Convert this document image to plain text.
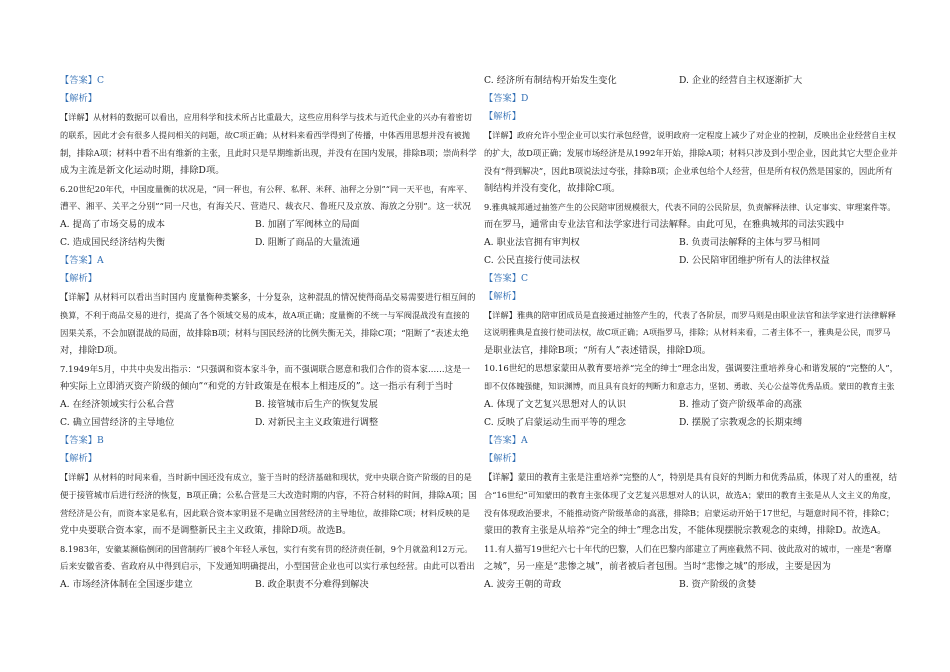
【答案】C
【解析】
【详解】从材料的数据可以看出，应用科学和技术所占比重最大，这些应用科学与技术与近代企业的兴办有着密切
的联系，因此才会有很多人提问相关的问题，故C项正确；从材料来看西学得到了传播，中体西用思想并没有被抛
制，排除A项；材料中看不出有维新的主张，且此时只是早期维新出现，并没有在国内发展，排除B项；崇尚科学
成为主流是新文化运动时期，排除D项。
6.20世纪20年代，中国度量衡的状况是，“同一秤也，有公秤、私秤、米秤、油秤之分别”“同一天平也，有库平、
漕平、湘平、关平之分别”“同一尺也，有海关尺、营造尺、裁衣尺、鲁班尺及京放、海放之分别”。这一状况
A. 提高了市场交易的成本	B. 加剧了军阀林立的局面
C. 造成国民经济结构失衡	D. 阻断了商品的大量流通
【答案】A
【解析】
【详解】从材料可以看出当时国内 度量衡种类繁多，十分复杂，这种混乱的情况使得商品交易需要进行相互间的
换算，不利于商品交易的进行，提高了各个领域交易的成本，故A项正确；度量衡的不统一与军阀混战没有直接的
因果关系，不会加剧混战的局面，故排除B项；材料与国民经济的比例失衡无关，排除C项；“阻断了”表述太绝
对，排除D项。
7.1949年5月，中共中央发出指示：“只强调和资本家斗争，而不强调联合愿意和我们合作的资本家……这是一
种实际上立即消灭资产阶级的倾向”“和党的方针政策是在根本上相违反的”。这一指示有利于当时
A. 在经济领域实行公私合营	B. 接管城市后生产的恢复发展
C. 确立国营经济的主导地位	D. 对新民主主义政策进行调整
【答案】B
【解析】
【详解】从材料的时间来看，当时新中国还没有成立，鉴于当时的经济基础和现状，党中央联合资产阶级的目的是
便于接管城市后进行经济的恢复，B项正确；公私合营是三大改造时期的内容，不符合材料的时间，排除A项；国
营经济是公有，而资本家是私有，因此联合资本家明显不是确立国营经济的主导地位，故排除C项；材料反映的是
党中央要联合资本家，而不是调整新民主主义政策，排除D项。故选B。
8.1983年，安徽某濒临倒闭的国营制药厂被8个年轻人承包，实行有奖有罚的经济责任制，9个月就盈利12万元。
后来安徽省委、省政府从中得到启示，下发通知明确提出，小型国营企业也可以实行承包经营。由此可以看出
A. 市场经济体制在全国逐步建立	B. 政企职责不分难得到解决
C. 经济所有制结构开始发生变化	D. 企业的经营自主权逐渐扩大
【答案】D
【解析】
【详解】政府允许小型企业可以实行承包经营，说明政府一定程度上减少了对企业的控制，反映出企业经营自主权
的扩大，故D项正确；发展市场经济是从1992年开始，排除A项；材料只涉及到小型企业，因此其它大型企业并
没有“得到解决”，因此B项说法过夸张，排除B项；企业承包给个人经营，但是所有权仍然是国家的，因此所有
制结构并没有变化，故排除C项。
9.雅典城邦通过抽签产生的公民陪审团规模很大，代表不同的公民阶层，负责解释法律、认定事实、审理案件等。
而在罗马，通常由专业法官和法学家进行司法解释。由此可见，在雅典城邦的司法实践中
A. 职业法官拥有审判权	B. 负责司法解释的主体与罗马相同
C. 公民直接行使司法权	D. 公民陪审团维护所有人的法律权益
【答案】C
【解析】
【详解】雅典的陪审团成员是直接通过抽签产生的，代表了各阶层，而罗马则是由职业法官和法学家进行法律解释
这说明雅典是直接行使司法权，故C项正确；A项指罗马，排除；从材料来看，二者主体不一，雅典是公民，而罗马
是职业法官，排除B项；“所有人”表述错误，排除D项。
10.16世纪的思想家蒙田从教育要培养“完全的绅士”理念出发，强调要注重培养身心和谐发展的“完整的人”，
即不仅体魄强健，知识渊博，而且具有良好的判断力和意志力，坚韧、勇敢、关心公益等优秀品质。蒙田的教育主张
A. 体现了文艺复兴思想对人的认识	B. 推动了资产阶级革命的高涨
C. 反映了启蒙运动生而平等的理念	D. 摆脱了宗教观念的长期束缚
【答案】A
【解析】
【详解】蒙田的教育主张是注重培养“完整的人”，特别是具有良好的判断力和优秀品质，体现了对人的重视，结
合“16世纪”可知蒙田的教育主张体现了文艺复兴思想对人的认识，故选A；蒙田的教育主张是从人文主义的角度，
没有体现政治要求，不能推动资产阶级革命的高涨，排除B；启蒙运动开始于17世纪，与题意时间不符，排除C；
蒙田的教育主张是从培养“完全的绅士”理念出发，不能体现摆脱宗教观念的束缚，排除D。故选A。
11.有人描写19世纪六七十年代的巴黎，人们在巴黎内部建立了两座截然不同、彼此敌对的城市，一座是“奢靡
之城”，另一座是“悲惨之城”，前者被后者包围。当时“悲惨之城”的形成，主要是因为
A. 波旁王朝的苛政	B. 资产阶级的贪婪
